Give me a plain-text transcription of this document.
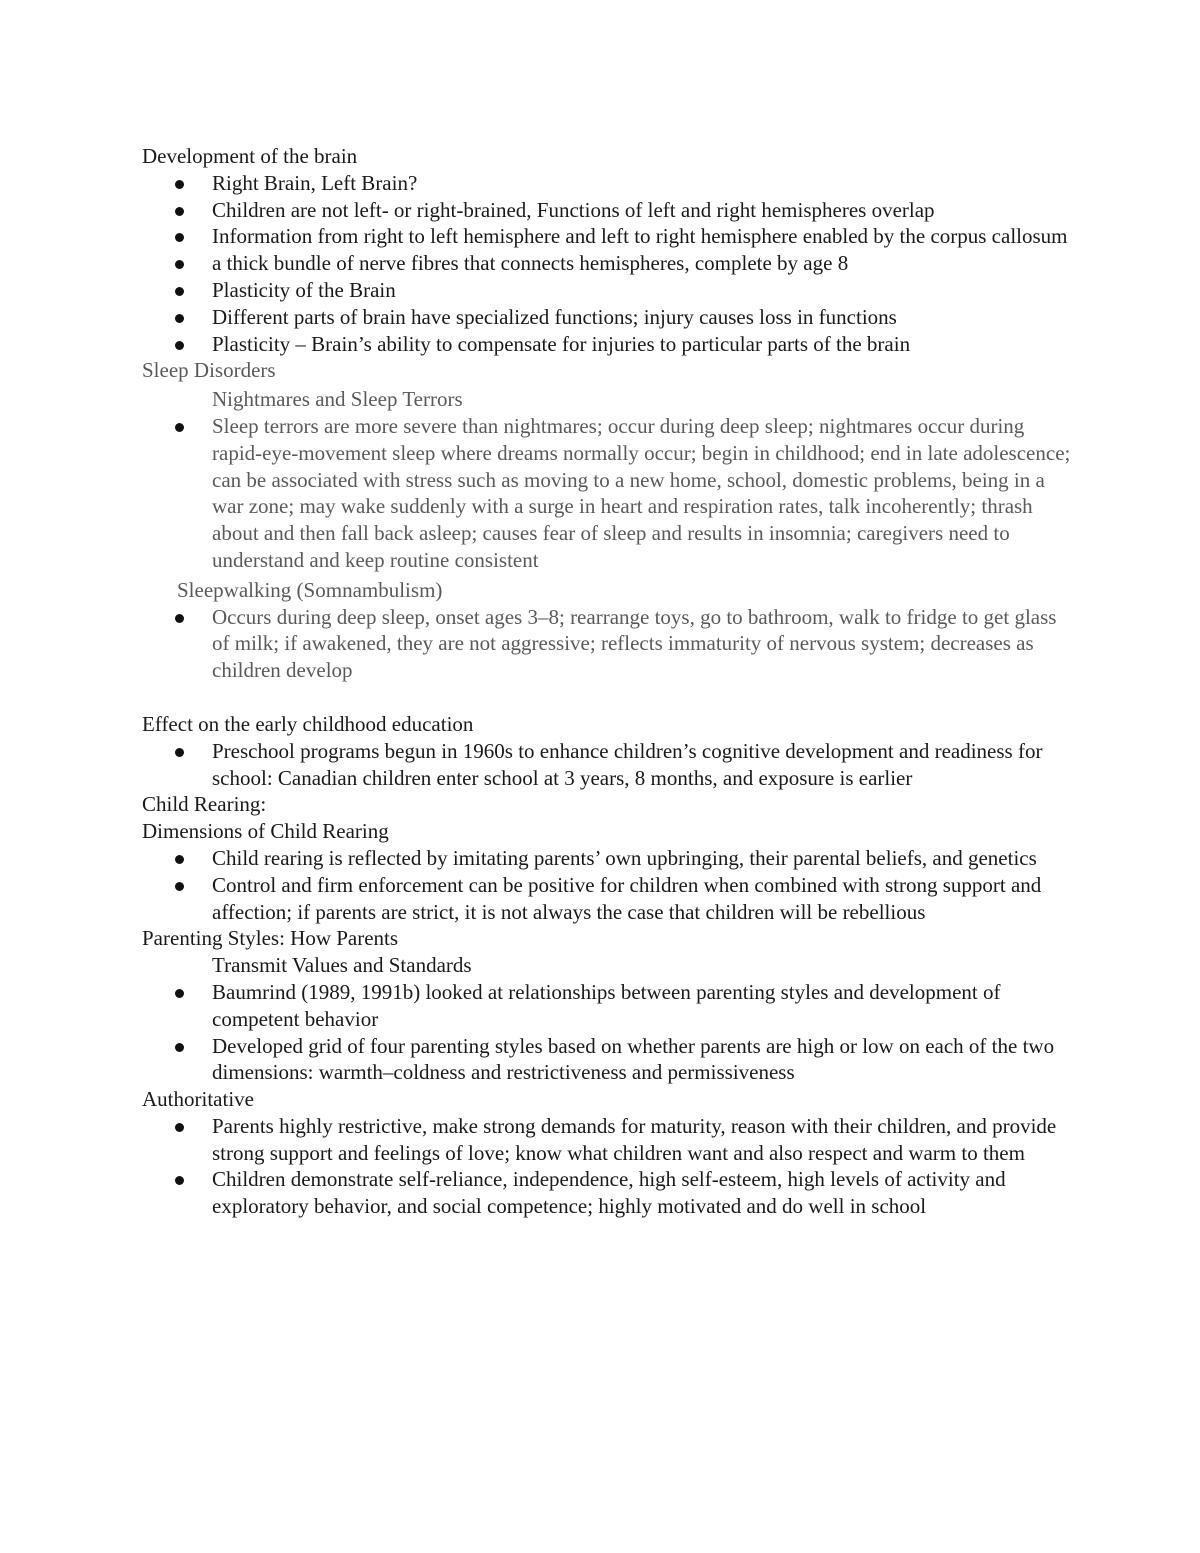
Development of the brain
Right Brain, Left Brain?
Children are not left- or right-brained, Functions of left and right hemispheres overlap
Information from right to left hemisphere and left to right hemisphere enabled by the corpus callosum
a thick bundle of nerve fibres that connects hemispheres, complete by age 8
Plasticity of the Brain
Different parts of brain have specialized functions; injury causes loss in functions
Plasticity – Brain’s ability to compensate for injuries to particular parts of the brain
Sleep Disorders
Nightmares and Sleep Terrors
Sleep terrors are more severe than nightmares; occur during deep sleep; nightmares occur during rapid-eye-movement sleep where dreams normally occur; begin in childhood; end in late adolescence; can be associated with stress such as moving to a new home, school, domestic problems, being in a war zone; may wake suddenly with a surge in heart and respiration rates, talk incoherently; thrash about and then fall back asleep; causes fear of sleep and results in insomnia; caregivers need to understand and keep routine consistent
Sleepwalking (Somnambulism)
Occurs during deep sleep, onset ages 3–8; rearrange toys, go to bathroom, walk to fridge to get glass of milk; if awakened, they are not aggressive; reflects immaturity of nervous system; decreases as children develop
Effect on the early childhood education
Preschool programs begun in 1960s to enhance children’s cognitive development and readiness for school: Canadian children enter school at 3 years, 8 months, and exposure is earlier
Child Rearing:
Dimensions of Child Rearing
Child rearing is reflected by imitating parents’ own upbringing, their parental beliefs, and genetics
Control and firm enforcement can be positive for children when combined with strong support and affection; if parents are strict, it is not always the case that children will be rebellious
Parenting Styles: How Parents
Transmit Values and Standards
Baumrind (1989, 1991b) looked at relationships between parenting styles and development of competent behavior
Developed grid of four parenting styles based on whether parents are high or low on each of the two dimensions: warmth–coldness and restrictiveness and permissiveness
Authoritative
Parents highly restrictive, make strong demands for maturity, reason with their children, and provide strong support and feelings of love; know what children want and also respect and warm to them
Children demonstrate self-reliance, independence, high self-esteem, high levels of activity and exploratory behavior, and social competence; highly motivated and do well in school
